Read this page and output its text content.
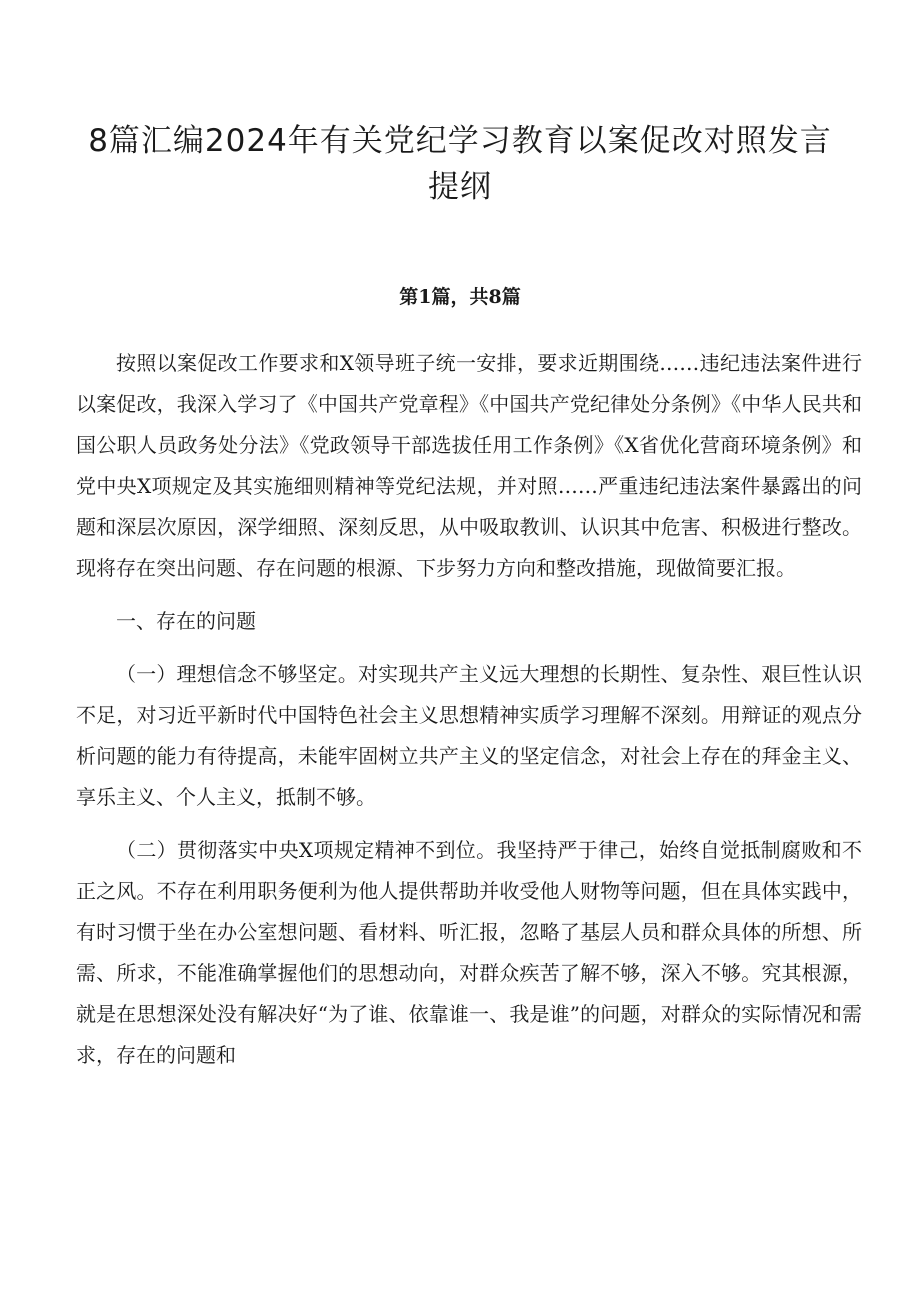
8篇汇编2024年有关党纪学习教育以案促改对照发言提纲
第1篇，共8篇

按照以案促改工作要求和X领导班子统一安排，要求近期围绕……违纪违法案件进行以案促改，我深入学习了《中国共产党章程》《中国共产党纪律处分条例》《中华人民共和国公职人员政务处分法》《党政领导干部选拔任用工作条例》《X省优化营商环境条例》和党中央X项规定及其实施细则精神等党纪法规，并对照……严重违纪违法案件暴露出的问题和深层次原因，深学细照、深刻反思，从中吸取教训、认识其中危害、积极进行整改。现将存在突出问题、存在问题的根源、下步努力方向和整改措施，现做简要汇报。

一、存在的问题

（一）理想信念不够坚定。对实现共产主义远大理想的长期性、复杂性、艰巨性认识不足，对习近平新时代中国特色社会主义思想精神实质学习理解不深刻。用辩证的观点分析问题的能力有待提高，未能牢固树立共产主义的坚定信念，对社会上存在的拜金主义、享乐主义、个人主义，抵制不够。

（二）贯彻落实中央X项规定精神不到位。我坚持严于律己，始终自觉抵制腐败和不正之风。不存在利用职务便利为他人提供帮助并收受他人财物等问题，但在具体实践中，有时习惯于坐在办公室想问题、看材料、听汇报，忽略了基层人员和群众具体的所想、所需、所求，不能准确掌握他们的思想动向，对群众疾苦了解不够，深入不够。究其根源，就是在思想深处没有解决好“为了谁、依靠谁一、我是谁”的问题，对群众的实际情况和需求，存在的问题和
